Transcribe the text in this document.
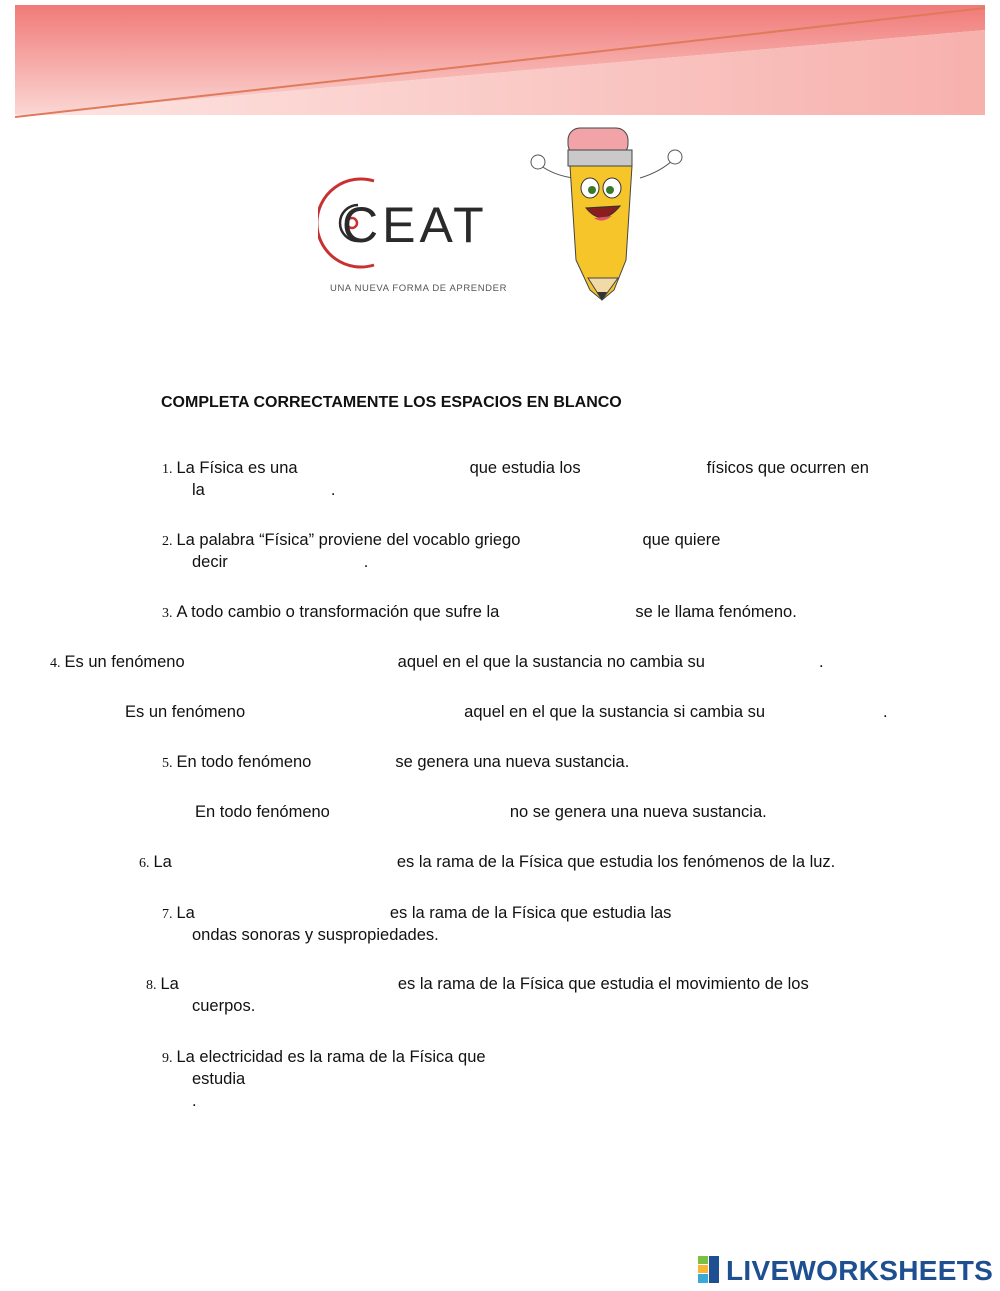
CEAT
UNA NUEVA FORMA DE APRENDER
COMPLETA CORRECTAMENTE LOS ESPACIOS EN BLANCO
1. La Física es una	que estudia los	físicos que ocurren en
la	.
2. La palabra “Física” proviene del vocablo griego	que quiere
decir	.
3. A todo cambio o transformación que sufre la	se le llama fenómeno.
4. Es un fenómeno	aquel en el que la sustancia no cambia su	.
Es un fenómeno	aquel en el que la sustancia si cambia su	.
5. En todo fenómeno	se genera una nueva sustancia.
En todo fenómeno	no se genera una nueva sustancia.
6. La	es la rama de la Física que estudia los fenómenos de la luz.
7. La	es la rama de la Física que estudia las
ondas sonoras y suspropiedades.
8. La	es la rama de la Física que estudia el movimiento de los
cuerpos.
9. La electricidad es la rama de la Física que
estudia
.
LIVEWORKSHEETS
